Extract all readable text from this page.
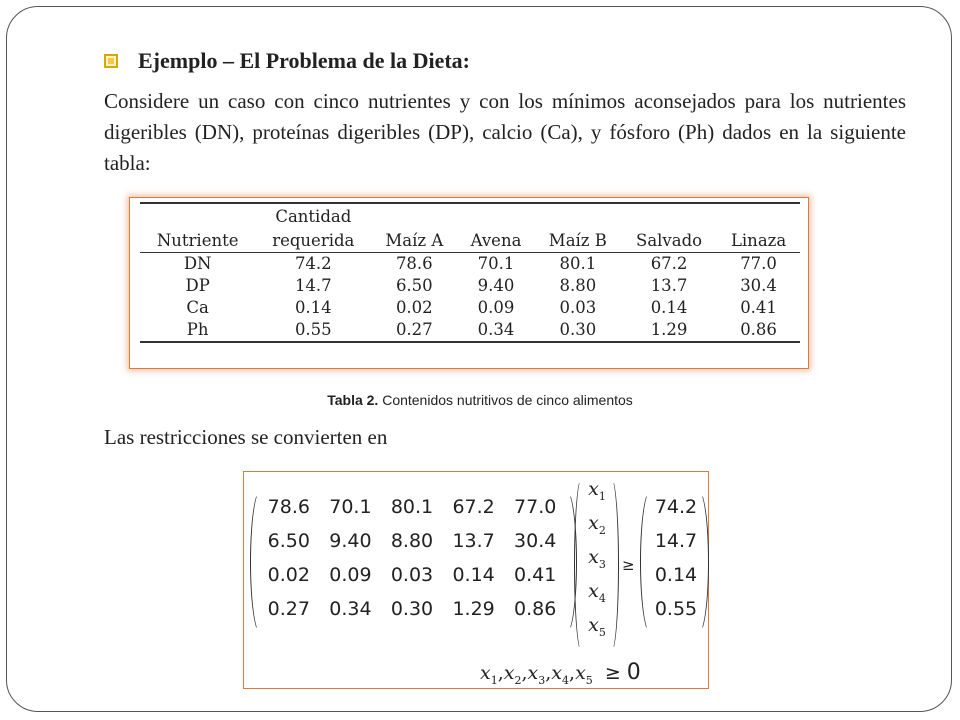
Ejemplo – El Problema de la Dieta:
Considere un caso con cinco nutrientes y con los mínimos aconsejados para los nutrientes digeribles (DN), proteínas digeribles (DP), calcio (Ca), y fósforo (Ph) dados en la siguiente tabla:
	Cantidad					
Nutriente	requerida	Maíz A	Avena	Maíz B	Salvado	Linaza
DN	74.2	78.6	70.1	80.1	67.2	77.0
DP	14.7	6.50	9.40	8.80	13.7	30.4
Ca	0.14	0.02	0.09	0.03	0.14	0.41
Ph	0.55	0.27	0.34	0.30	1.29	0.86
Tabla 2. Contenidos nutritivos de cinco alimentos
Las restricciones se convierten en
78.6	70.1	80.1	67.2	77.0
6.50	9.40	8.80	13.7	30.4
0.02	0.09	0.03	0.14	0.41
0.27	0.34	0.30	1.29	0.86
$x_1$
$x_2$
$x_3$
$x_4$
$x_5$
≥
74.2
14.7
0.14
0.55
$x_1,x_2,x_3,x_4,x_5 \ge 0$
